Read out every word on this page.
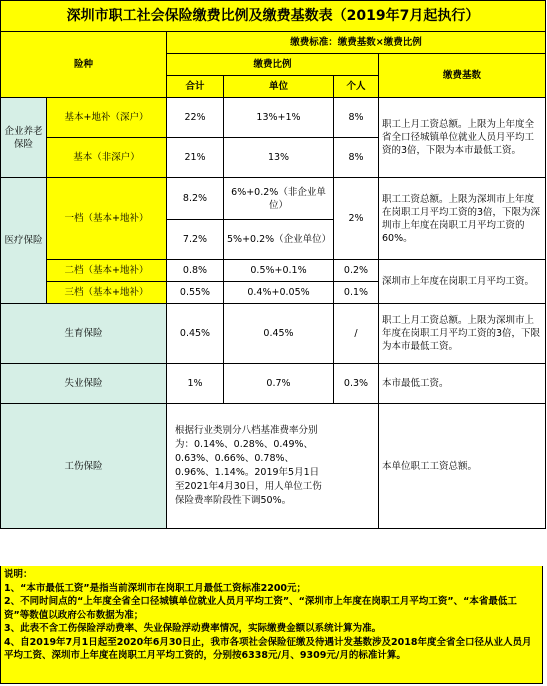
深圳市职工社会保险缴费比例及缴费基数表（2019年7月起执行）					
险种		缴费标准：缴费基数×缴费比例			
		缴费比例			缴费基数
		合计	单位	个人	
企业养老保险	基本+地补（深户）	22%	13%+1%	8%	职工上月工资总额。上限为上年度全省全口径城镇单位就业人员月平均工资的3倍，下限为本市最低工资。
	基本（非深户）	21%	13%	8%	
医疗保险	一档（基本+地补）	8.2%	6%+0.2%（非企业单位）	2%	职工工资总额。上限为深圳市上年度在岗职工月平均工资的3倍，下限为深圳市上年度在岗职工月平均工资的60%。
		7.2%	5%+0.2%（企业单位）		
	二档（基本+地补）	0.8%	0.5%+0.1%	0.2%	深圳市上年度在岗职工月平均工资。
	三档（基本+地补）	0.55%	0.4%+0.05%	0.1%	
生育保险		0.45%	0.45%	/	职工上月工资总额。上限为深圳市上年度在岗职工月平均工资的3倍，下限为本市最低工资。
失业保险		1%	0.7%	0.3%	本市最低工资。
工伤保险		根据行业类别分八档基准费率分别为：0.14%、0.28%、0.49%、0.63%、0.66%、0.78%、0.96%、1.14%。2019年5月1日至2021年4月30日，用人单位工伤保险费率阶段性下调50%。			本单位职工工资总额。
说明：
1、“本市最低工资”是指当前深圳市在岗职工月最低工资标准2200元；
2、不同时间点的“上年度全省全口径城镇单位就业人员月平均工资”、“深圳市上年度在岗职工月平均工资”、“本省最低工资”等数值以政府公布数据为准；
3、此表不含工伤保险浮动费率、失业保险浮动费率情况，实际缴费金额以系统计算为准。
4、自2019年7月1日起至2020年6月30日止，我市各项社会保险征缴及待遇计发基数涉及2018年度全省全口径从业人员月平均工资、深圳市上年度在岗职工月平均工资的，分别按6338元/月、9309元/月的标准计算。
